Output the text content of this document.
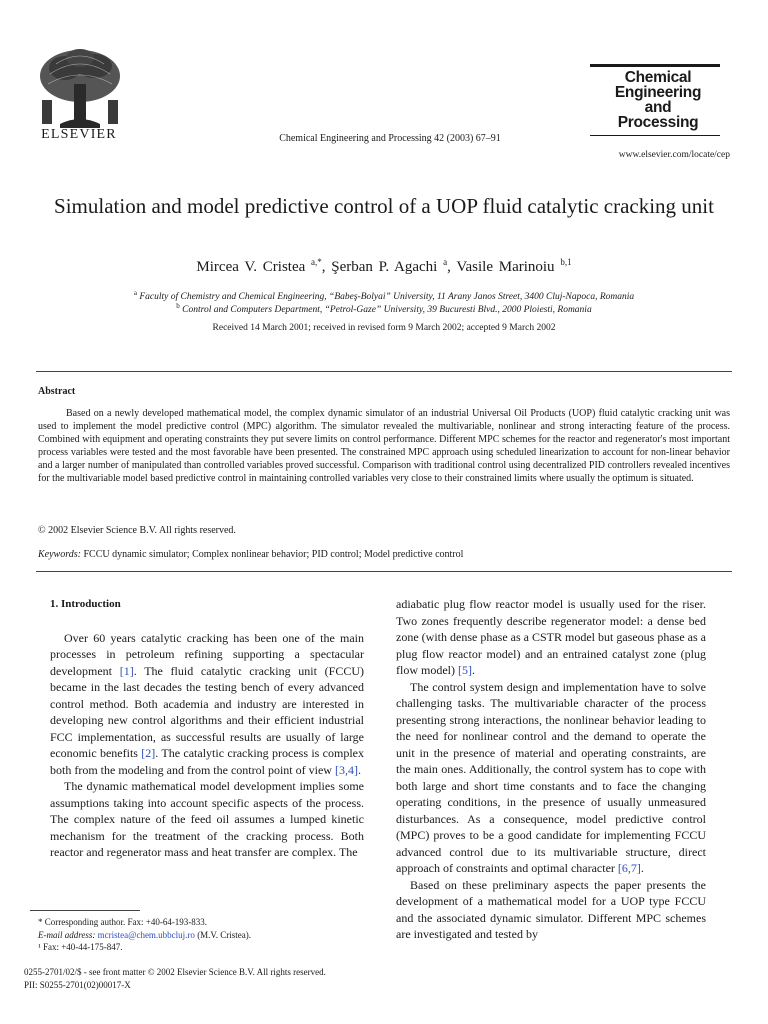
ELSEVIER	Chemical Engineering and Processing 42 (2003) 67–91
Chemical
Engineering
and
Processing
www.elsevier.com/locate/cep
Simulation and model predictive control of a UOP fluid catalytic cracking unit
Mircea V. Cristea $^{a,*}$, Şerban P. Agachi $^a$, Vasile Marinoiu $^{b,1}$
$^a$ Faculty of Chemistry and Chemical Engineering, “Babeş-Bolyai” University, 11 Arany Janos Street, 3400 Cluj-Napoca, Romania
$^b$ Control and Computers Department, “Petrol-Gaze” University, 39 Bucuresti Blvd., 2000 Ploiesti, Romania
Received 14 March 2001; received in revised form 9 March 2002; accepted 9 March 2002
Abstract
Based on a newly developed mathematical model, the complex dynamic simulator of an industrial Universal Oil Products (UOP) fluid catalytic cracking unit was used to implement the model predictive control (MPC) algorithm. The simulator revealed the multivariable, nonlinear and strong interacting feature of the process. Combined with equipment and operating constraints they put severe limits on control performance. Different MPC schemes for the reactor and regenerator's most important process variables were tested and the most favorable have been presented. The constrained MPC approach using scheduled linearization to account for non-linear behavior and a larger number of manipulated than controlled variables proved successful. Comparison with traditional control using decentralized PID controllers revealed incentives for the multivariable model based predictive control in maintaining controlled variables very close to their constrained limits where usually the optimum is situated.
© 2002 Elsevier Science B.V. All rights reserved.
Keywords: FCCU dynamic simulator; Complex nonlinear behavior; PID control; Model predictive control

1. Introduction

Over 60 years catalytic cracking has been one of the main processes in petroleum refining supporting a spectacular development [1]. The fluid catalytic cracking unit (FCCU) became in the last decades the testing bench of every advanced control method. Both academia and industry are interested in developing new control algorithms and their efficient industrial FCC implementation, as successful results are usually of large economic benefits [2]. The catalytic cracking process is complex both from the modeling and from the control point of view [3,4].

The dynamic mathematical model development implies some assumptions taking into account specific aspects of the process. The complex nature of the feed oil assumes a lumped kinetic mechanism for the treatment of the cracking process. Both reactor and regenerator mass and heat transfer are complex. The

adiabatic plug flow reactor model is usually used for the riser. Two zones frequently describe regenerator model: a dense bed zone (with dense phase as a CSTR model but gaseous phase as a plug flow reactor model) and an entrained catalyst zone (plug flow model) [5].

The control system design and implementation have to solve challenging tasks. The multivariable character of the process presenting strong interactions, the nonlinear behavior leading to the need for nonlinear control and the demand to operate the unit in the presence of material and operating constraints, are the main ones. Additionally, the control system has to cope with both large and short time constants and to face the changing operating conditions, in the presence of usually unmeasured disturbances. As a consequence, model predictive control (MPC) proves to be a good candidate for implementing FCCU advanced control due to its multivariable structure, direct approach of constraints and optimal character [6,7].

Based on these preliminary aspects the paper presents the development of a mathematical model for a UOP type FCCU and the associated dynamic simulator. Different MPC schemes are investigated and tested by

* Corresponding author. Fax: +40-64-193-833.
E-mail address: mcristea@chem.ubbcluj.ro (M.V. Cristea).
¹ Fax: +40-44-175-847.
0255-2701/02/$ - see front matter © 2002 Elsevier Science B.V. All rights reserved.
PII: S0255-2701(02)00017-X
